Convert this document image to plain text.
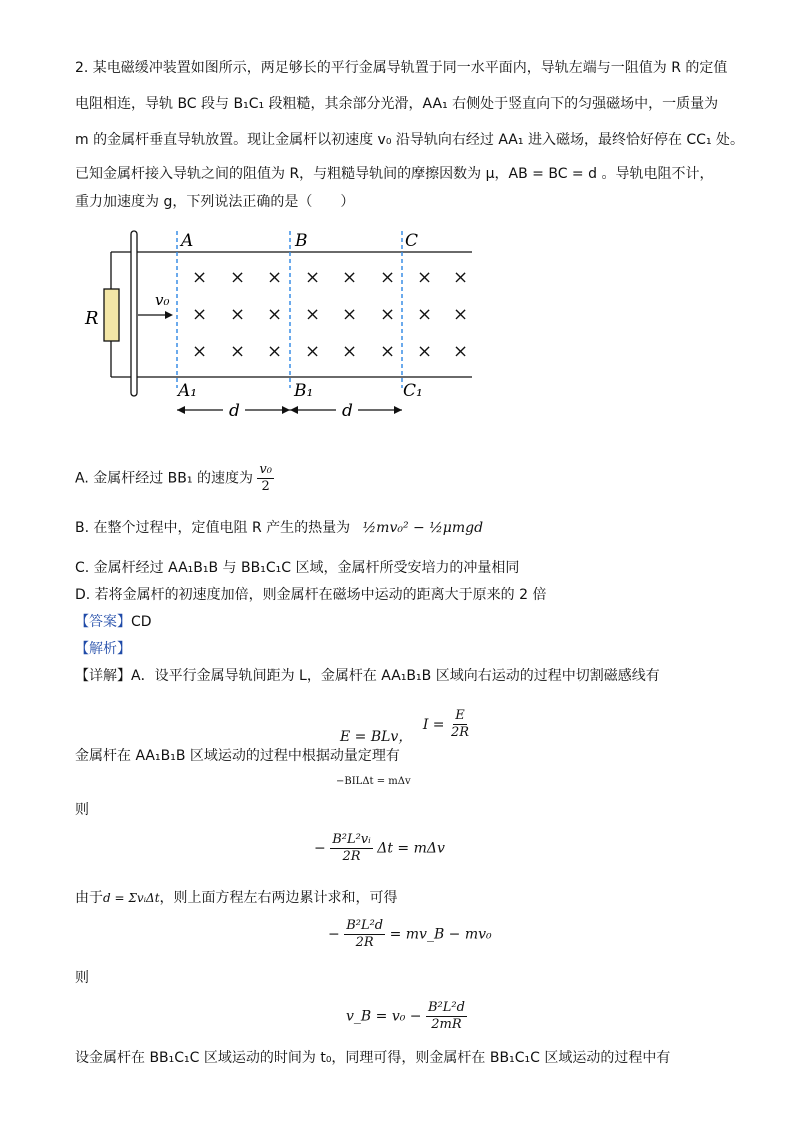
2. 某电磁缓冲装置如图所示，两足够长的平行金属导轨置于同一水平面内，导轨左端与一阻值为 R 的定值
电阻相连，导轨 BC 段与 B₁C₁ 段粗糙，其余部分光滑，AA₁ 右侧处于竖直向下的匀强磁场中，一质量为
m 的金属杆垂直导轨放置。现让金属杆以初速度 v₀ 沿导轨向右经过 AA₁ 进入磁场，最终恰好停在 CC₁ 处。
已知金属杆接入导轨之间的阻值为 R，与粗糙导轨间的摩擦因数为 μ，AB = BC = d 。导轨电阻不计，
重力加速度为 g，下列说法正确的是（　　）
R
v₀
A	B	C
A₁	B₁	C₁
× × × × × × × ×
× × × × × × × ×
× × × × × × × ×
d	d
A. 金属杆经过 BB₁ 的速度为 $\frac{\text{v₀}}{2}$
B. 在整个过程中，定值电阻 R 产生的热量为 ½mv₀² − ½μmgd
C. 金属杆经过 AA₁B₁B 与 BB₁C₁C 区域，金属杆所受安培力的冲量相同
D. 若将金属杆的初速度加倍，则金属杆在磁场中运动的距离大于原来的 2 倍
【答案】CD
【解析】
【详解】A．设平行金属导轨间距为 L，金属杆在 AA₁B₁B 区域向右运动的过程中切割磁感线有
E = BLv， $I = \frac{E}{2R}$
金属杆在 AA₁B₁B 区域运动的过程中根据动量定理有
−BILΔt = mΔv
则
− $\frac{\text{B²L²vᵢ}}{2R}$ Δt = mΔv
由于d = ΣvᵢΔt，则上面方程左右两边累计求和，可得
− $\frac{\text{B²L²d}}{2R}$ = mv_B − mv₀
则
v_B = $v_0 - \frac{\text{B²L²d}}{2mR}$
设金属杆在 BB₁C₁C 区域运动的时间为 t₀，同理可得，则金属杆在 BB₁C₁C 区域运动的过程中有
